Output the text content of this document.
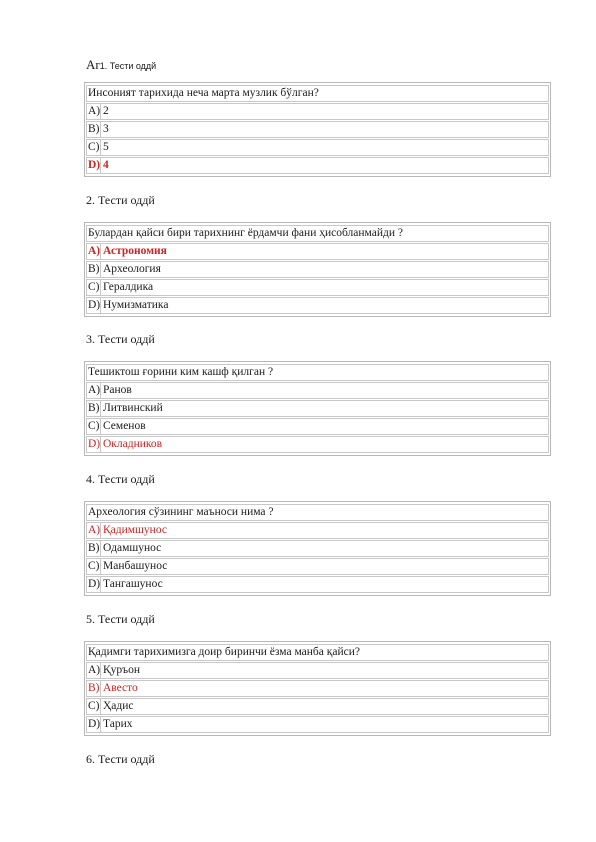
Ar1. Тести оддй
Инсоният тарихида неча марта музлик бўлган?
A) 2
B) 3
C) 5
D) 4
2. Тести оддй
Булардан қайси бири тарихнинг ёрдамчи фани ҳисобланмайди ?
A) Астрономия
B) Археология
C) Гералдика
D) Нумизматика
3. Тести оддй
Тешиктош ғорини ким кашф қилган ?
A) Ранов
B) Литвинский
C) Семенов
D) Окладников
4. Тести оддй
Археология сўзининг маъноси нима ?
A) Қадимшунос
B) Одамшунос
C) Манбашунос
D) Тангашунос
5. Тести оддй
Қадимги тарихимизга доир биринчи ёзма манба қайси?
A) Қуръон
B) Авесто
C) Ҳадис
D) Тарих
6. Тести оддй
